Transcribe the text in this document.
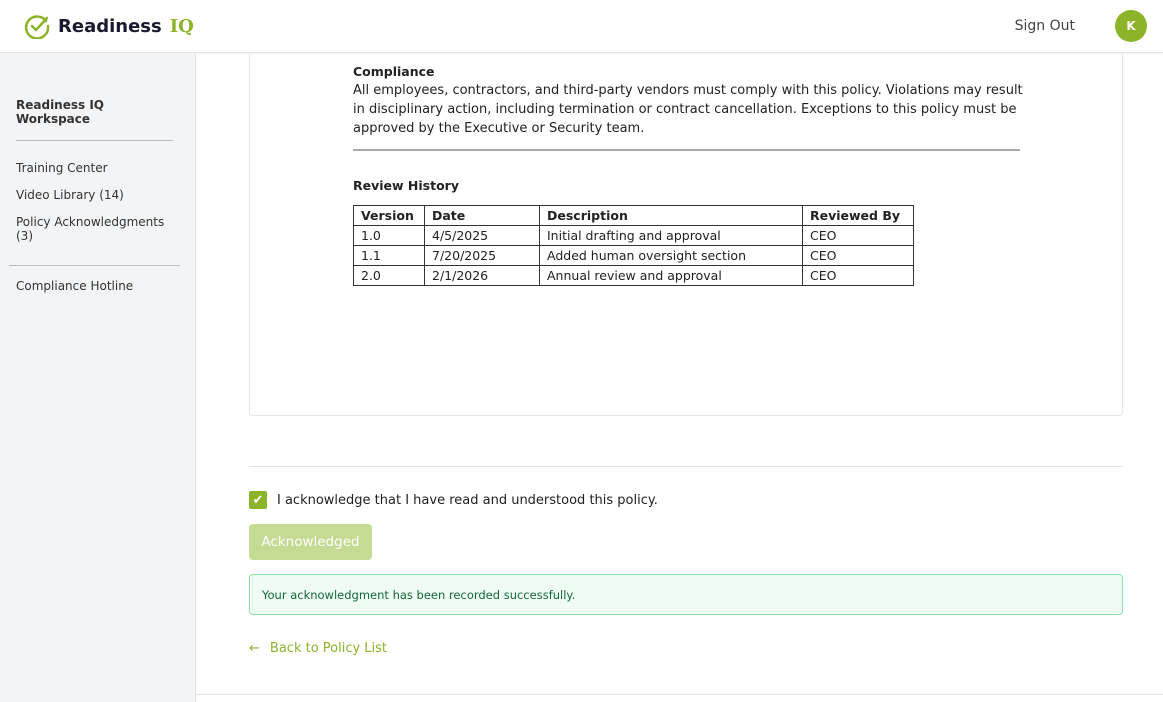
Readiness IQ	Sign Out	K
Readiness IQ Workspace
Training Center
Video Library (14)
Policy Acknowledgments (3)
Compliance Hotline
Compliance

All employees, contractors, and third-party vendors must comply with this policy. Violations may result in disciplinary action, including termination or contract cancellation. Exceptions to this policy must be approved by the Executive or Security team.

Review History
Version	Date	Description	Reviewed By
1.0	4/5/2025	Initial drafting and approval	CEO
1.1	7/20/2025	Added human oversight section	CEO
2.0	2/1/2026	Annual review and approval	CEO
✔ I acknowledge that I have read and understood this policy.
Acknowledged
Your acknowledgment has been recorded successfully.
← Back to Policy List
